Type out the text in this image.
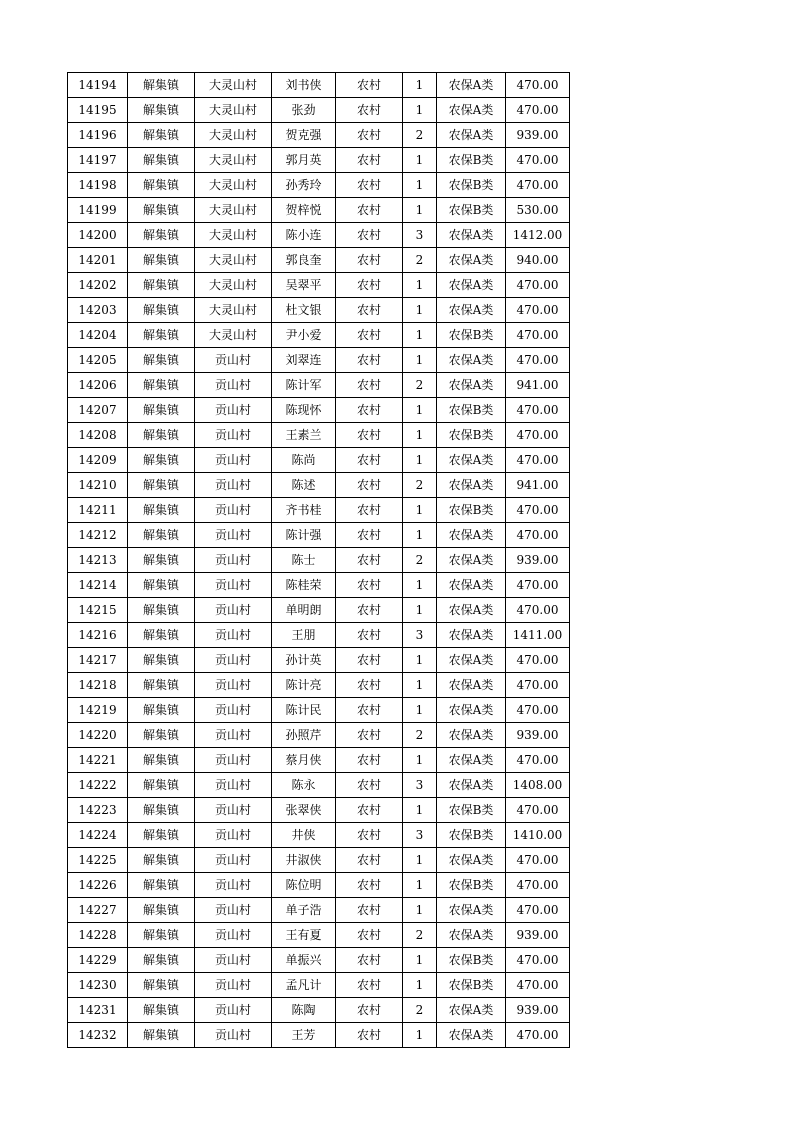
14194	解集镇	大灵山村	刘书侠	农村	1	农保A类	470.00
14195	解集镇	大灵山村	张劲	农村	1	农保A类	470.00
14196	解集镇	大灵山村	贺克强	农村	2	农保A类	939.00
14197	解集镇	大灵山村	郭月英	农村	1	农保B类	470.00
14198	解集镇	大灵山村	孙秀玲	农村	1	农保B类	470.00
14199	解集镇	大灵山村	贺梓悦	农村	1	农保B类	530.00
14200	解集镇	大灵山村	陈小连	农村	3	农保A类	1412.00
14201	解集镇	大灵山村	郭良奎	农村	2	农保A类	940.00
14202	解集镇	大灵山村	吴翠平	农村	1	农保A类	470.00
14203	解集镇	大灵山村	杜文银	农村	1	农保A类	470.00
14204	解集镇	大灵山村	尹小爱	农村	1	农保B类	470.00
14205	解集镇	贡山村	刘翠连	农村	1	农保A类	470.00
14206	解集镇	贡山村	陈计军	农村	2	农保A类	941.00
14207	解集镇	贡山村	陈现怀	农村	1	农保B类	470.00
14208	解集镇	贡山村	王素兰	农村	1	农保B类	470.00
14209	解集镇	贡山村	陈尚	农村	1	农保A类	470.00
14210	解集镇	贡山村	陈述	农村	2	农保A类	941.00
14211	解集镇	贡山村	齐书桂	农村	1	农保B类	470.00
14212	解集镇	贡山村	陈计强	农村	1	农保A类	470.00
14213	解集镇	贡山村	陈士	农村	2	农保A类	939.00
14214	解集镇	贡山村	陈桂荣	农村	1	农保A类	470.00
14215	解集镇	贡山村	单明朗	农村	1	农保A类	470.00
14216	解集镇	贡山村	王朋	农村	3	农保A类	1411.00
14217	解集镇	贡山村	孙计英	农村	1	农保A类	470.00
14218	解集镇	贡山村	陈计亮	农村	1	农保A类	470.00
14219	解集镇	贡山村	陈计民	农村	1	农保A类	470.00
14220	解集镇	贡山村	孙照芹	农村	2	农保A类	939.00
14221	解集镇	贡山村	蔡月侠	农村	1	农保A类	470.00
14222	解集镇	贡山村	陈永	农村	3	农保A类	1408.00
14223	解集镇	贡山村	张翠侠	农村	1	农保B类	470.00
14224	解集镇	贡山村	井侠	农村	3	农保B类	1410.00
14225	解集镇	贡山村	井淑侠	农村	1	农保A类	470.00
14226	解集镇	贡山村	陈位明	农村	1	农保B类	470.00
14227	解集镇	贡山村	单子浩	农村	1	农保A类	470.00
14228	解集镇	贡山村	王有夏	农村	2	农保A类	939.00
14229	解集镇	贡山村	单振兴	农村	1	农保B类	470.00
14230	解集镇	贡山村	孟凡计	农村	1	农保B类	470.00
14231	解集镇	贡山村	陈陶	农村	2	农保A类	939.00
14232	解集镇	贡山村	王芳	农村	1	农保A类	470.00
